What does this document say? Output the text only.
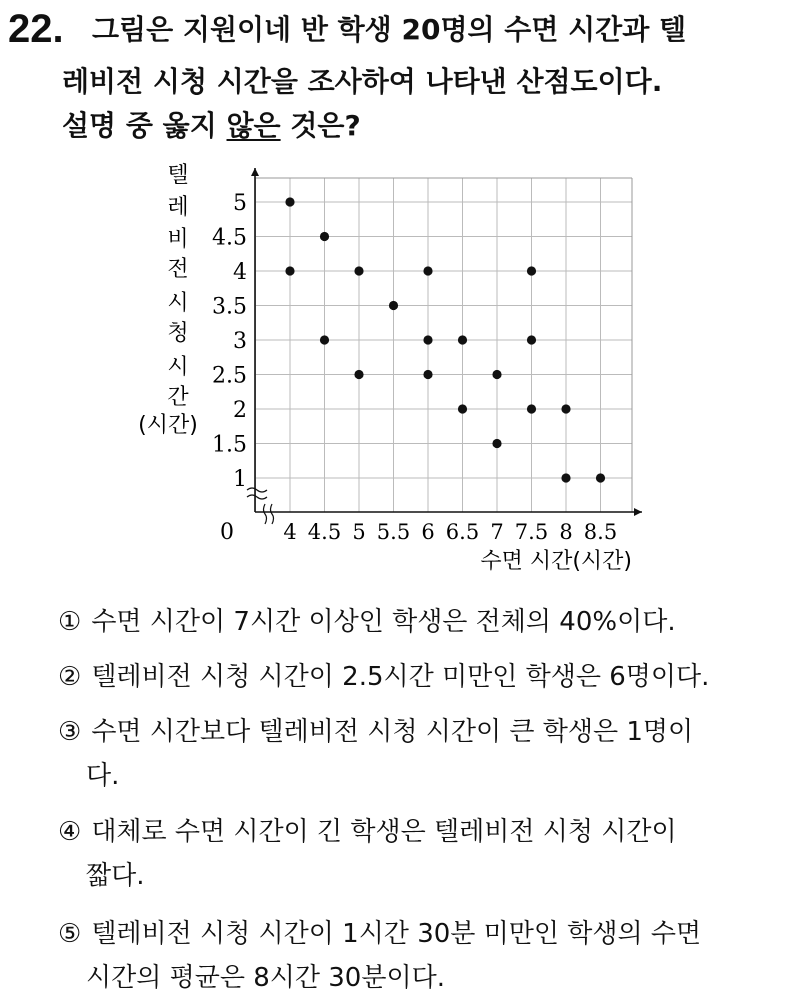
22. 그림은 지원이네 반 학생 20명의 수면 시간과 텔
레비전 시청 시간을 조사하여 나타낸 산점도이다.
설명 중 옳지 않은 것은?
5
4.5
4
3.5
3
2.5
2
1.5
1
4 4.5 5 5.5 6 6.5 7 7.5 8 8.5
0
텔
레
비
전
시
청
시
간
(시간)
수면 시간(시간)
① 수면 시간이 7시간 이상인 학생은 전체의 40%이다.
② 텔레비전 시청 시간이 2.5시간 미만인 학생은 6명이다.
③ 수면 시간보다 텔레비전 시청 시간이 큰 학생은 1명이
다.
④ 대체로 수면 시간이 긴 학생은 텔레비전 시청 시간이
짧다.
⑤ 텔레비전 시청 시간이 1시간 30분 미만인 학생의 수면
시간의 평균은 8시간 30분이다.
